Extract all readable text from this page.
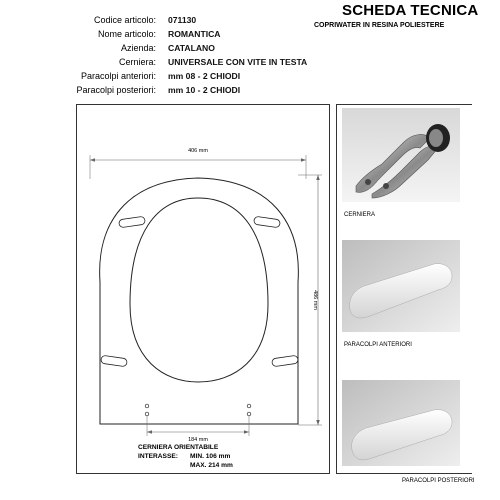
SCHEDA TECNICA
COPRIWATER IN RESINA POLIESTERE
Codice articolo: 071130
Nome articolo: ROMANTICA
Azienda: CATALANO
Cerniera: UNIVERSALE CON VITE IN TESTA
Paracolpi anteriori: mm 08 - 2 CHIODI
Paracolpi posteriori: mm 10 - 2 CHIODI
406 mm
486 mm
184 mm
CERNIERA ORIENTABILE
INTERASSE: MIN. 106 mm
MAX. 214 mm
CERNIERA
PARACOLPI ANTERIORI
PARACOLPI POSTERIORI
